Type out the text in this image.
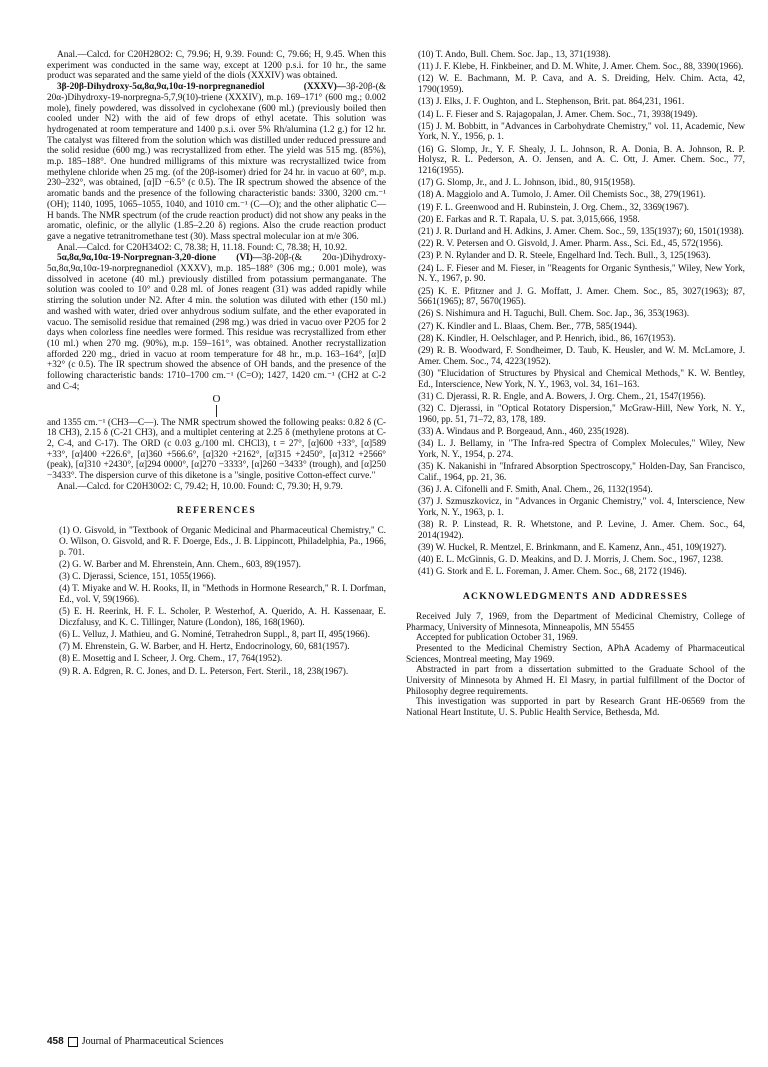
Anal.—Calcd. for C20H28O2: C, 79.96; H, 9.39. Found: C, 79.66; H, 9.45. When this experiment was conducted in the same way, except at 1200 p.s.i. for 10 hr., the same product was separated and the same yield of the diols (XXXIV) was obtained.

3β-20β-Dihydroxy-5α,8α,9α,10α-19-norpregnanediol (XXXV)—3β-20β-(& 20α-)Dihydroxy-19-norpregna-5,7,9(10)-triene (XXXIV), m.p. 169–171° (600 mg.; 0.002 mole), finely powdered, was dissolved in cyclohexane (600 ml.) (previously boiled then cooled under N2) with the aid of few drops of ethyl acetate. This solution was hydrogenated at room temperature and 1400 p.s.i. over 5% Rh/alumina (1.2 g.) for 12 hr. The catalyst was filtered from the solution which was distilled under reduced pressure and the solid residue (600 mg.) was recrystallized from ether. The yield was 515 mg. (85%), m.p. 185–188°. One hundred milligrams of this mixture was recrystallized twice from methylene chloride when 25 mg. (of the 20β-isomer) dried for 24 hr. in vacuo at 60°, m.p. 230–232°, was obtained, [α]D −6.5° (c 0.5). The IR spectrum showed the absence of the aromatic bands and the presence of the following characteristic bands: 3300, 3200 cm.⁻¹ (OH); 1140, 1095, 1065–1055, 1040, and 1010 cm.⁻¹ (C—O); and the other aliphatic C—H bands. The NMR spectrum (of the crude reaction product) did not show any peaks in the aromatic, olefinic, or the allylic (1.85–2.20 δ) regions. Also the crude reaction product gave a negative tetranitromethane test (30). Mass spectral molecular ion at m/e 306.

Anal.—Calcd. for C20H34O2: C, 78.38; H, 11.18. Found: C, 78.38; H, 10.92.

5α,8α,9α,10α-19-Norpregnan-3,20-dione (VI)—3β-20β-(& 20α-)Dihydroxy-5α,8α,9α,10α-19-norpregnanediol (XXXV), m.p. 185–188° (306 mg.; 0.001 mole), was dissolved in acetone (40 ml.) previously distilled from potassium permanganate. The solution was cooled to 10° and 0.28 ml. of Jones reagent (31) was added rapidly while stirring the solution under N2. After 4 min. the solution was diluted with ether (150 ml.) and washed with water, dried over anhydrous sodium sulfate, and the ether evaporated in vacuo. The semisolid residue that remained (298 mg.) was dried in vacuo over P2O5 for 2 days when colorless fine needles were formed. This residue was recrystallized from ether (10 ml.) when 270 mg. (90%), m.p. 159–161°, was obtained. Another recrystallization afforded 220 mg., dried in vacuo at room temperature for 48 hr., m.p. 163–164°, [α]D +32° (c 0.5). The IR spectrum showed the absence of OH bands, and the presence of the following characteristic bands: 1710–1700 cm.⁻¹ (C=O); 1427, 1420 cm.⁻¹ (CH2 at C-2 and C-4;

O

and 1355 cm.⁻¹ (CH3—C—). The NMR spectrum showed the following peaks: 0.82 δ (C-18 CH3), 2.15 δ (C-21 CH3), and a multiplet centering at 2.25 δ (methylene protons at C-2, C-4, and C-17). The ORD (c 0.03 g./100 ml. CHCl3), t = 27°, [α]600 +33°, [α]589 +33°, [α]400 +226.6°, [α]360 +566.6°, [α]320 +2162°, [α]315 +2450°, [α]312 +2566° (peak), [α]310 +2430°, [α]294 0000°, [α]270 −3333°, [α]260 −3433° (trough), and [α]250 −3433°. The dispersion curve of this diketone is a "single, positive Cotton-effect curve."

Anal.—Calcd. for C20H30O2: C, 79.42; H, 10.00. Found: C, 79.30; H, 9.79.

REFERENCES

(1) O. Gisvold, in "Textbook of Organic Medicinal and Pharmaceutical Chemistry," C. O. Wilson, O. Gisvold, and R. F. Doerge, Eds., J. B. Lippincott, Philadelphia, Pa., 1966, p. 701.

(2) G. W. Barber and M. Ehrenstein, Ann. Chem., 603, 89(1957).

(3) C. Djerassi, Science, 151, 1055(1966).

(4) T. Miyake and W. H. Rooks, II, in "Methods in Hormone Research," R. I. Dorfman, Ed., vol. V, 59(1966).

(5) E. H. Reerink, H. F. L. Scholer, P. Westerhof, A. Querido, A. H. Kassenaar, E. Diczfalusy, and K. C. Tillinger, Nature (London), 186, 168(1960).

(6) L. Velluz, J. Mathieu, and G. Nominé, Tetrahedron Suppl., 8, part II, 495(1966).

(7) M. Ehrenstein, G. W. Barber, and H. Hertz, Endocrinology, 60, 681(1957).

(8) E. Mosettig and I. Scheer, J. Org. Chem., 17, 764(1952).

(9) R. A. Edgren, R. C. Jones, and D. L. Peterson, Fert. Steril., 18, 238(1967).

(10) T. Ando, Bull. Chem. Soc. Jap., 13, 371(1938).

(11) J. F. Klebe, H. Finkbeiner, and D. M. White, J. Amer. Chem. Soc., 88, 3390(1966).

(12) W. E. Bachmann, M. P. Cava, and A. S. Dreiding, Helv. Chim. Acta, 42, 1790(1959).

(13) J. Elks, J. F. Oughton, and L. Stephenson, Brit. pat. 864,231, 1961.

(14) L. F. Fieser and S. Rajagopalan, J. Amer. Chem. Soc., 71, 3938(1949).

(15) J. M. Bobbitt, in "Advances in Carbohydrate Chemistry," vol. 11, Academic, New York, N. Y., 1956, p. 1.

(16) G. Slomp, Jr., Y. F. Shealy, J. L. Johnson, R. A. Donia, B. A. Johnson, R. P. Holysz, R. L. Pederson, A. O. Jensen, and A. C. Ott, J. Amer. Chem. Soc., 77, 1216(1955).

(17) G. Slomp, Jr., and J. L. Johnson, ibid., 80, 915(1958).

(18) A. Maggiolo and A. Tumolo, J. Amer. Oil Chemists Soc., 38, 279(1961).

(19) F. L. Greenwood and H. Rubinstein, J. Org. Chem., 32, 3369(1967).

(20) E. Farkas and R. T. Rapala, U. S. pat. 3,015,666, 1958.

(21) J. R. Durland and H. Adkins, J. Amer. Chem. Soc., 59, 135(1937); 60, 1501(1938).

(22) R. V. Petersen and O. Gisvold, J. Amer. Pharm. Ass., Sci. Ed., 45, 572(1956).

(23) P. N. Rylander and D. R. Steele, Engelhard Ind. Tech. Bull., 3, 125(1963).

(24) L. F. Fieser and M. Fieser, in "Reagents for Organic Synthesis," Wiley, New York, N. Y., 1967, p. 90.

(25) K. E. Pfitzner and J. G. Moffatt, J. Amer. Chem. Soc., 85, 3027(1963); 87, 5661(1965); 87, 5670(1965).

(26) S. Nishimura and H. Taguchi, Bull. Chem. Soc. Jap., 36, 353(1963).

(27) K. Kindler and L. Blaas, Chem. Ber., 77B, 585(1944).

(28) K. Kindler, H. Oelschlager, and P. Henrich, ibid., 86, 167(1953).

(29) R. B. Woodward, F. Sondheimer, D. Taub, K. Heusler, and W. M. McLamore, J. Amer. Chem. Soc., 74, 4223(1952).

(30) "Elucidation of Structures by Physical and Chemical Methods," K. W. Bentley, Ed., Interscience, New York, N. Y., 1963, vol. 34, 161–163.

(31) C. Djerassi, R. R. Engle, and A. Bowers, J. Org. Chem., 21, 1547(1956).

(32) C. Djerassi, in "Optical Rotatory Dispersion," McGraw-Hill, New York, N. Y., 1960, pp. 51, 71–72, 83, 178, 189.

(33) A. Windaus and P. Borgeaud, Ann., 460, 235(1928).

(34) L. J. Bellamy, in "The Infra-red Spectra of Complex Molecules," Wiley, New York, N. Y., 1954, p. 274.

(35) K. Nakanishi in "Infrared Absorption Spectroscopy," Holden-Day, San Francisco, Calif., 1964, pp. 21, 36.

(36) J. A. Cifonelli and F. Smith, Anal. Chem., 26, 1132(1954).

(37) J. Szmuszkovicz, in "Advances in Organic Chemistry," vol. 4, Interscience, New York, N. Y., 1963, p. 1.

(38) R. P. Linstead, R. R. Whetstone, and P. Levine, J. Amer. Chem. Soc., 64, 2014(1942).

(39) W. Huckel, R. Mentzel, E. Brinkmann, and E. Kamenz, Ann., 451, 109(1927).

(40) E. L. McGinnis, G. D. Meakins, and D. J. Morris, J. Chem. Soc., 1967, 1238.

(41) G. Stork and E. L. Foreman, J. Amer. Chem. Soc., 68, 2172 (1946).

ACKNOWLEDGMENTS AND ADDRESSES

Received July 7, 1969, from the Department of Medicinal Chemistry, College of Pharmacy, University of Minnesota, Minneapolis, MN 55455

Accepted for publication October 31, 1969.

Presented to the Medicinal Chemistry Section, APhA Academy of Pharmaceutical Sciences, Montreal meeting, May 1969.

Abstracted in part from a dissertation submitted to the Graduate School of the University of Minnesota by Ahmed H. El Masry, in partial fulfillment of the Doctor of Philosophy degree requirements.

This investigation was supported in part by Research Grant HE-06569 from the National Heart Institute, U. S. Public Health Service, Bethesda, Md.

458 Journal of Pharmaceutical Sciences
